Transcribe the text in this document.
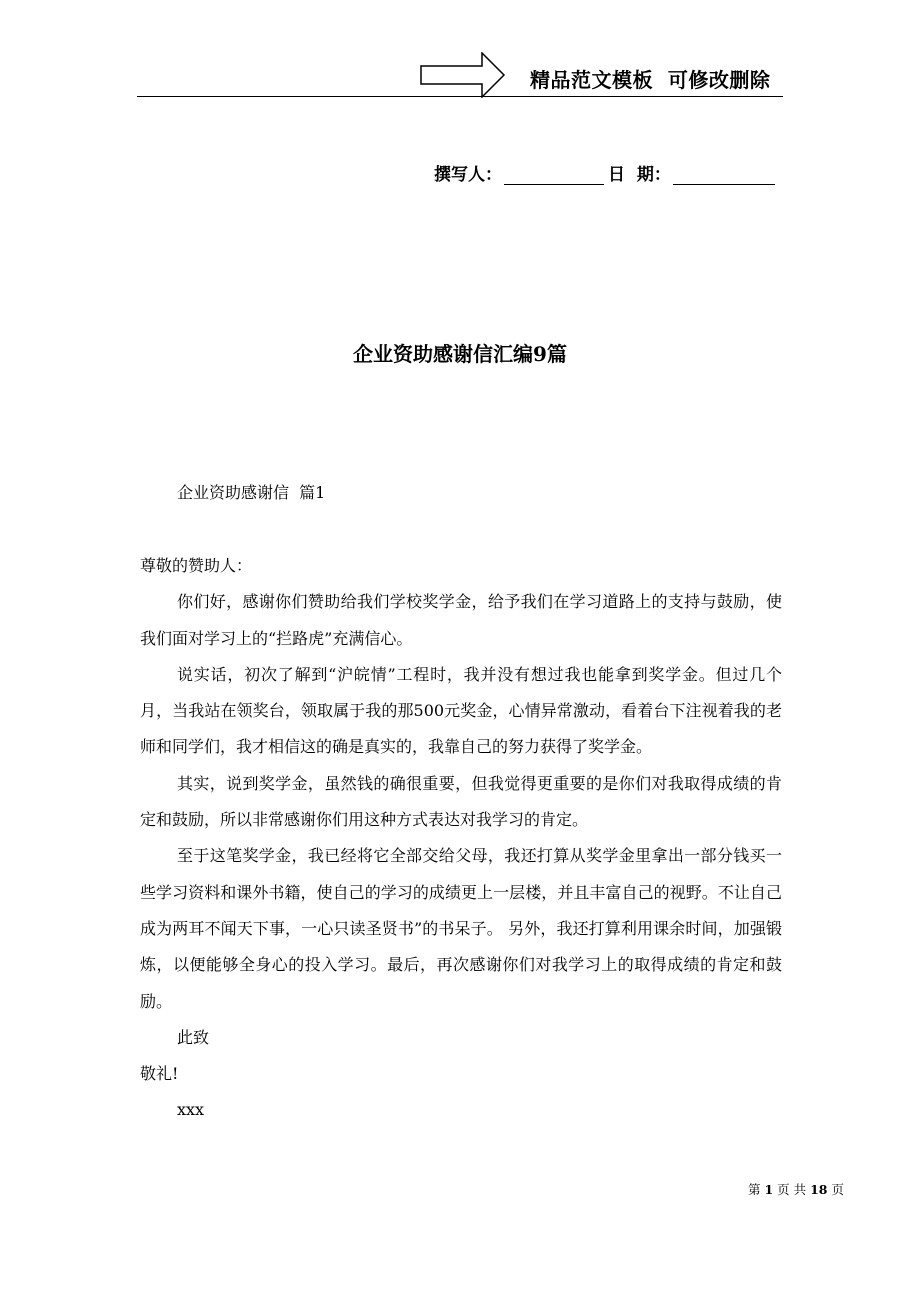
精品范文模板  可修改删除
撰写人：	日  期：
企业资助感谢信汇编9篇
企业资助感谢信  篇1

尊敬的赞助人：

你们好，感谢你们赞助给我们学校奖学金，给予我们在学习道路上的支持与鼓励，使我们面对学习上的“拦路虎”充满信心。

说实话，初次了解到“沪皖情”工程时，我并没有想过我也能拿到奖学金。但过几个月，当我站在领奖台，领取属于我的那500元奖金，心情异常激动，看着台下注视着我的老师和同学们，我才相信这的确是真实的，我靠自己的努力获得了奖学金。

其实，说到奖学金，虽然钱的确很重要，但我觉得更重要的是你们对我取得成绩的肯定和鼓励，所以非常感谢你们用这种方式表达对我学习的肯定。

至于这笔奖学金，我已经将它全部交给父母，我还打算从奖学金里拿出一部分钱买一些学习资料和课外书籍，使自己的学习的成绩更上一层楼，并且丰富自己的视野。不让自己成为两耳不闻天下事，一心只读圣贤书”的书呆子。 另外，我还打算利用课余时间，加强锻炼，以便能够全身心的投入学习。最后，再次感谢你们对我学习上的取得成绩的肯定和鼓励。

此致

敬礼!

xxx

第 1 页 共 18 页
